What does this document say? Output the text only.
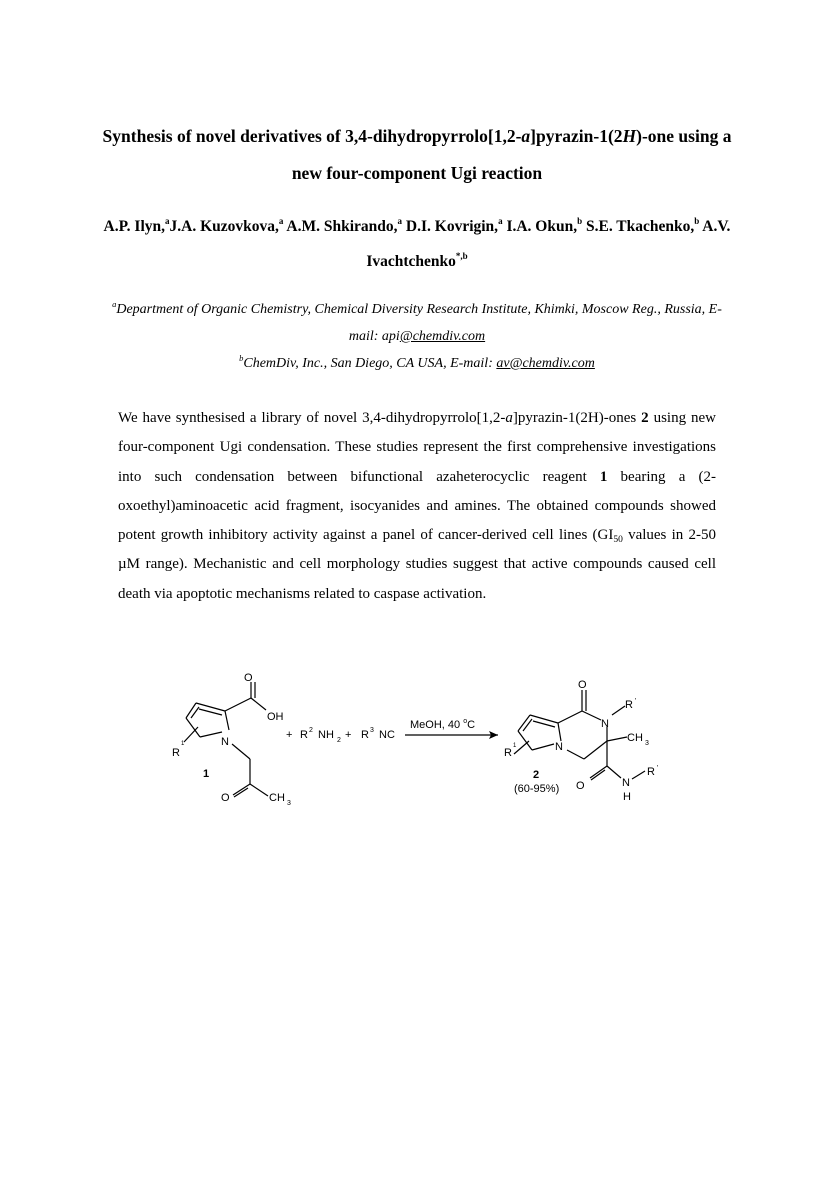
Synthesis of novel derivatives of 3,4-dihydropyrrolo[1,2-a]pyrazin-1(2H)-one using a new four-component Ugi reaction
A.P. Ilyn,$^a$J.A. Kuzovkova,$^a$ A.M. Shkirando,$^a$ D.I. Kovrigin,$^a$ I.A. Okun,$^b$ S.E. Tkachenko,$^b$ A.V. Ivachtchenko$^{*,b}$
$^a$Department of Organic Chemistry, Chemical Diversity Research Institute, Khimki, Moscow Reg., Russia, E-mail: api@chemdiv.com
$^b$ChemDiv, Inc., San Diego, CA USA, E-mail: av@chemdiv.com
We have synthesised a library of novel 3,4-dihydropyrrolo[1,2-a]pyrazin-1(2H)-ones 2 using new four-component Ugi condensation. These studies represent the first comprehensive investigations into such condensation between bifunctional azaheterocyclic reagent 1 bearing a (2-oxoethyl)aminoacetic acid fragment, isocyanides and amines. The obtained compounds showed potent growth inhibitory activity against a panel of cancer-derived cell lines ($GI_{50}$ values in 2-50 µM range). Mechanistic and cell morphology studies suggest that active compounds caused cell death via apoptotic mechanisms related to caspase activation.
O
OH
N
R
1
1
O	CH 3
+ R 2 NH 2 + R 3 NC
MeOH, 40 $^o$C
O
N
R '
CH 3
N
R
1
2
(60-95%) O	N
H
R '
